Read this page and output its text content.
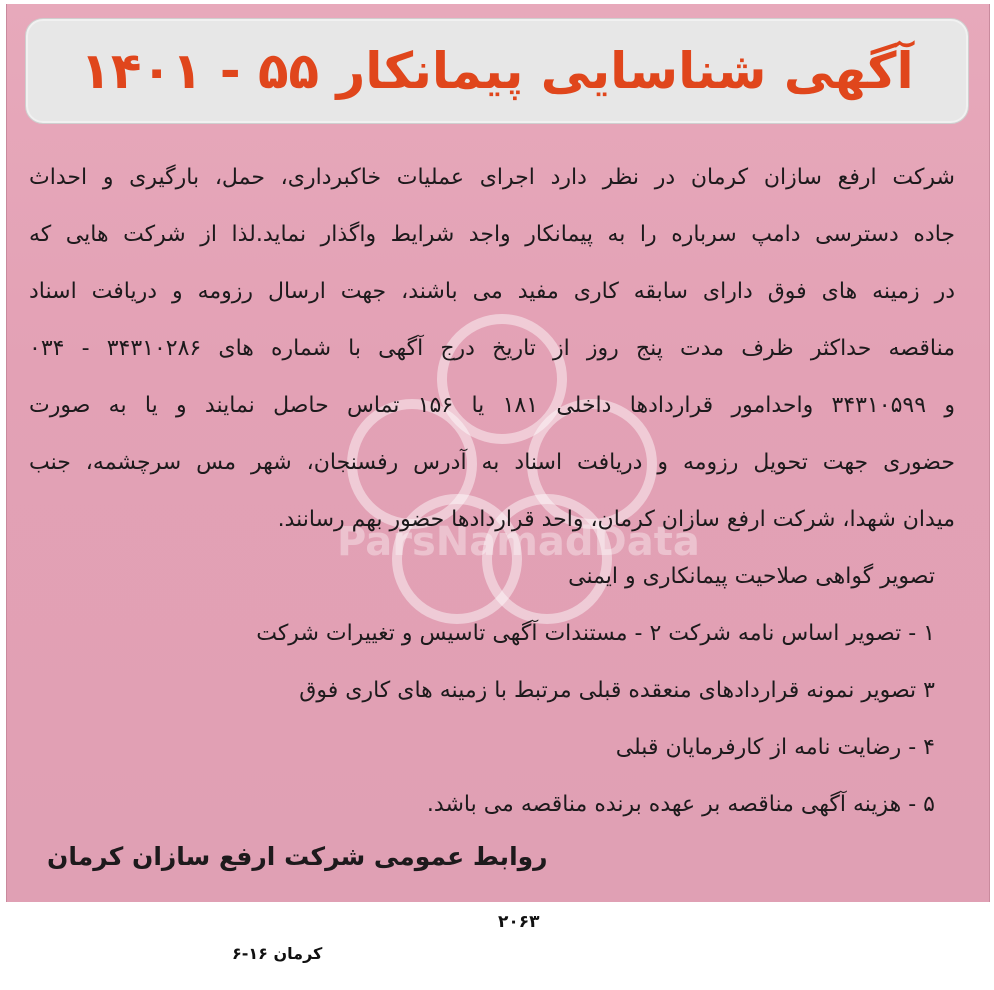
آگهی شناسایی پیمانکار ۵۵ - ۱۴۰۱
ParsNamadData
شرکت ارفع سازان کرمان در نظر دارد اجرای عملیات خاکبرداری، حمل، بارگیری و احداث
جاده دسترسی دامپ سرباره را به پیمانکار واجد شرایط واگذار نماید.لذا از شرکت هایی که
در زمینه های فوق دارای سابقه کاری مفید می باشند، جهت ارسال رزومه و دریافت اسناد
مناقصه حداکثر ظرف مدت پنج روز از تاریخ درج آگهی با شماره های ۳۴۳۱۰۲۸۶ - ۰۳۴
و ۳۴۳۱۰۵۹۹ واحدامور قراردادها داخلی ۱۸۱ یا ۱۵۶ تماس حاصل نمایند و یا به صورت
حضوری جهت تحویل رزومه و دریافت اسناد به آدرس رفسنجان، شهر مس سرچشمه، جنب
میدان شهدا، شرکت ارفع سازان کرمان، واحد قراردادها حضور بهم رسانند.
تصویر گواهی صلاحیت پیمانکاری و ایمنی
۱ - تصویر اساس نامه شرکت ۲ - مستندات آگهی تاسیس و تغییرات شرکت
۳ تصویر نمونه قراردادهای منعقده قبلی مرتبط با زمینه های کاری فوق
۴ - رضایت نامه از کارفرمایان قبلی
۵ - هزینه آگهی مناقصه بر عهده برنده مناقصه می باشد.
روابط عمومی شرکت ارفع سازان کرمان
۲۰۶۳
کرمان ۱۶-۶
